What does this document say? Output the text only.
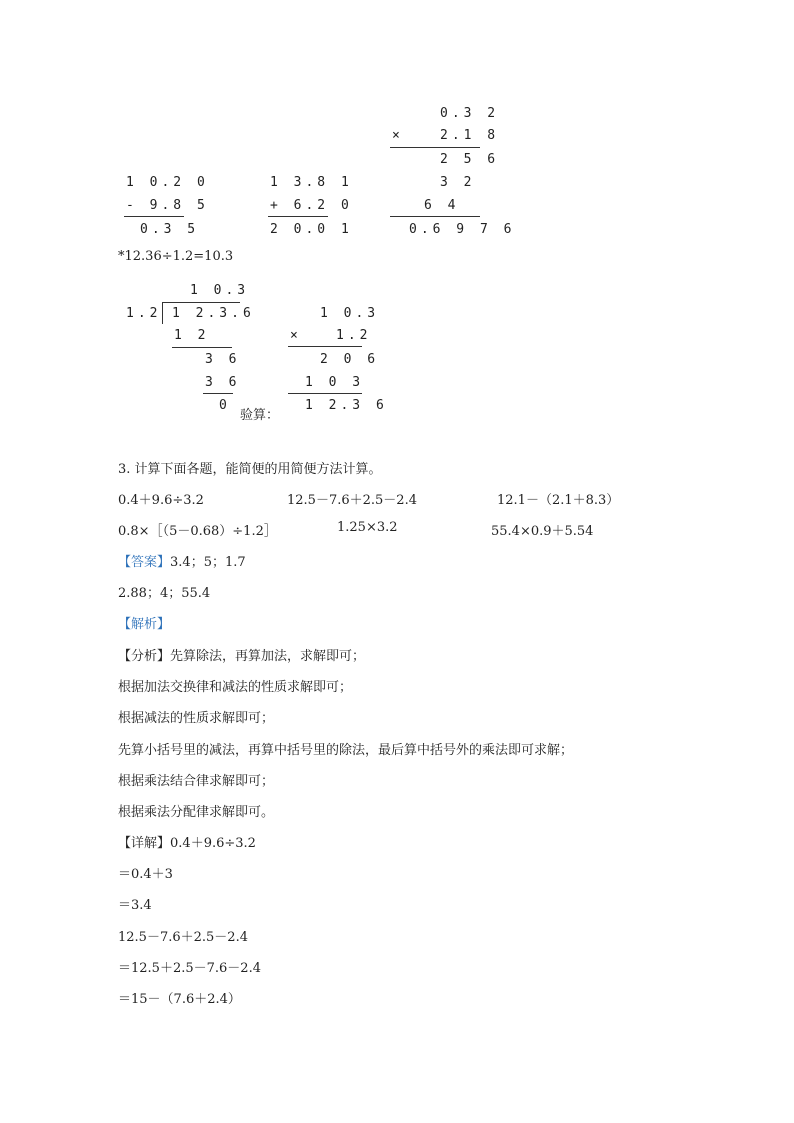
0.3 2
×	2.1 8
2 5 6
3 2
6 4
0.6 9 7 6
1 0.2 0
- 9.8 5
0.3 5
1 3.8 1
+ 6.2 0
2 0.0 1
*12.36÷1.2=10.3
1 0.3
1.2 1 2.3.6
1 2
3 6
3 6
0
1 0.3
×	1.2
2 0 6
1 0 3
1 2.3 6
验算：
3. 计算下面各题，能简便的用简便方法计算。
0.4＋9.6÷3.2	12.5－7.6＋2.5－2.4	12.1－（2.1＋8.3）
0.8×［（5－0.68）÷1.2］	1.25×3.2	55.4×0.9＋5.54
【答案】3.4；5；1.7
2.88；4；55.4
【解析】
【分析】先算除法，再算加法，求解即可；
根据加法交换律和减法的性质求解即可；
根据减法的性质求解即可；
先算小括号里的减法，再算中括号里的除法，最后算中括号外的乘法即可求解；
根据乘法结合律求解即可；
根据乘法分配律求解即可。
【详解】0.4＋9.6÷3.2
＝0.4＋3
＝3.4
12.5－7.6＋2.5－2.4
＝12.5＋2.5－7.6－2.4
＝15－（7.6＋2.4）
